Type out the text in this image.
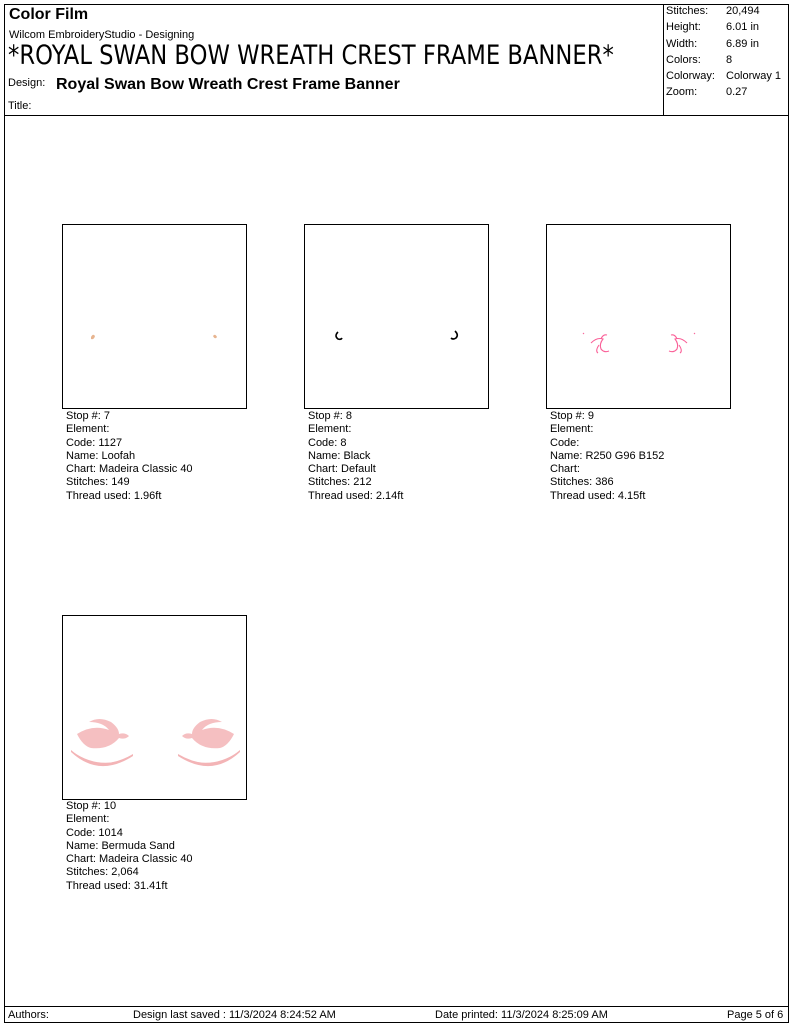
Color Film
Wilcom EmbroideryStudio - Designing
*ROYAL SWAN BOW WREATH CREST FRAME BANNER*
Design: Royal Swan Bow Wreath Crest Frame Banner
Title:
Stitches: 20,494
Height: 6.01 in
Width:	6.89 in
Colors: 8
Colorway: Colorway 1
Zoom:	0.27
Stop #: 7
Element:
Code: 1127
Name: Loofah
Chart: Madeira Classic 40
Stitches: 149
Thread used: 1.96ft
Stop #: 8
Element:
Code: 8
Name: Black
Chart: Default
Stitches: 212
Thread used: 2.14ft
Stop #: 9
Element:
Code:
Name: R250 G96 B152
Chart:
Stitches: 386
Thread used: 4.15ft
Stop #: 10
Element:
Code: 1014
Name: Bermuda Sand
Chart: Madeira Classic 40
Stitches: 2,064
Thread used: 31.41ft
Authors:	Design last saved : 11/3/2024 8:24:52 AM	Date printed: 11/3/2024 8:25:09 AM	Page 5 of 6
